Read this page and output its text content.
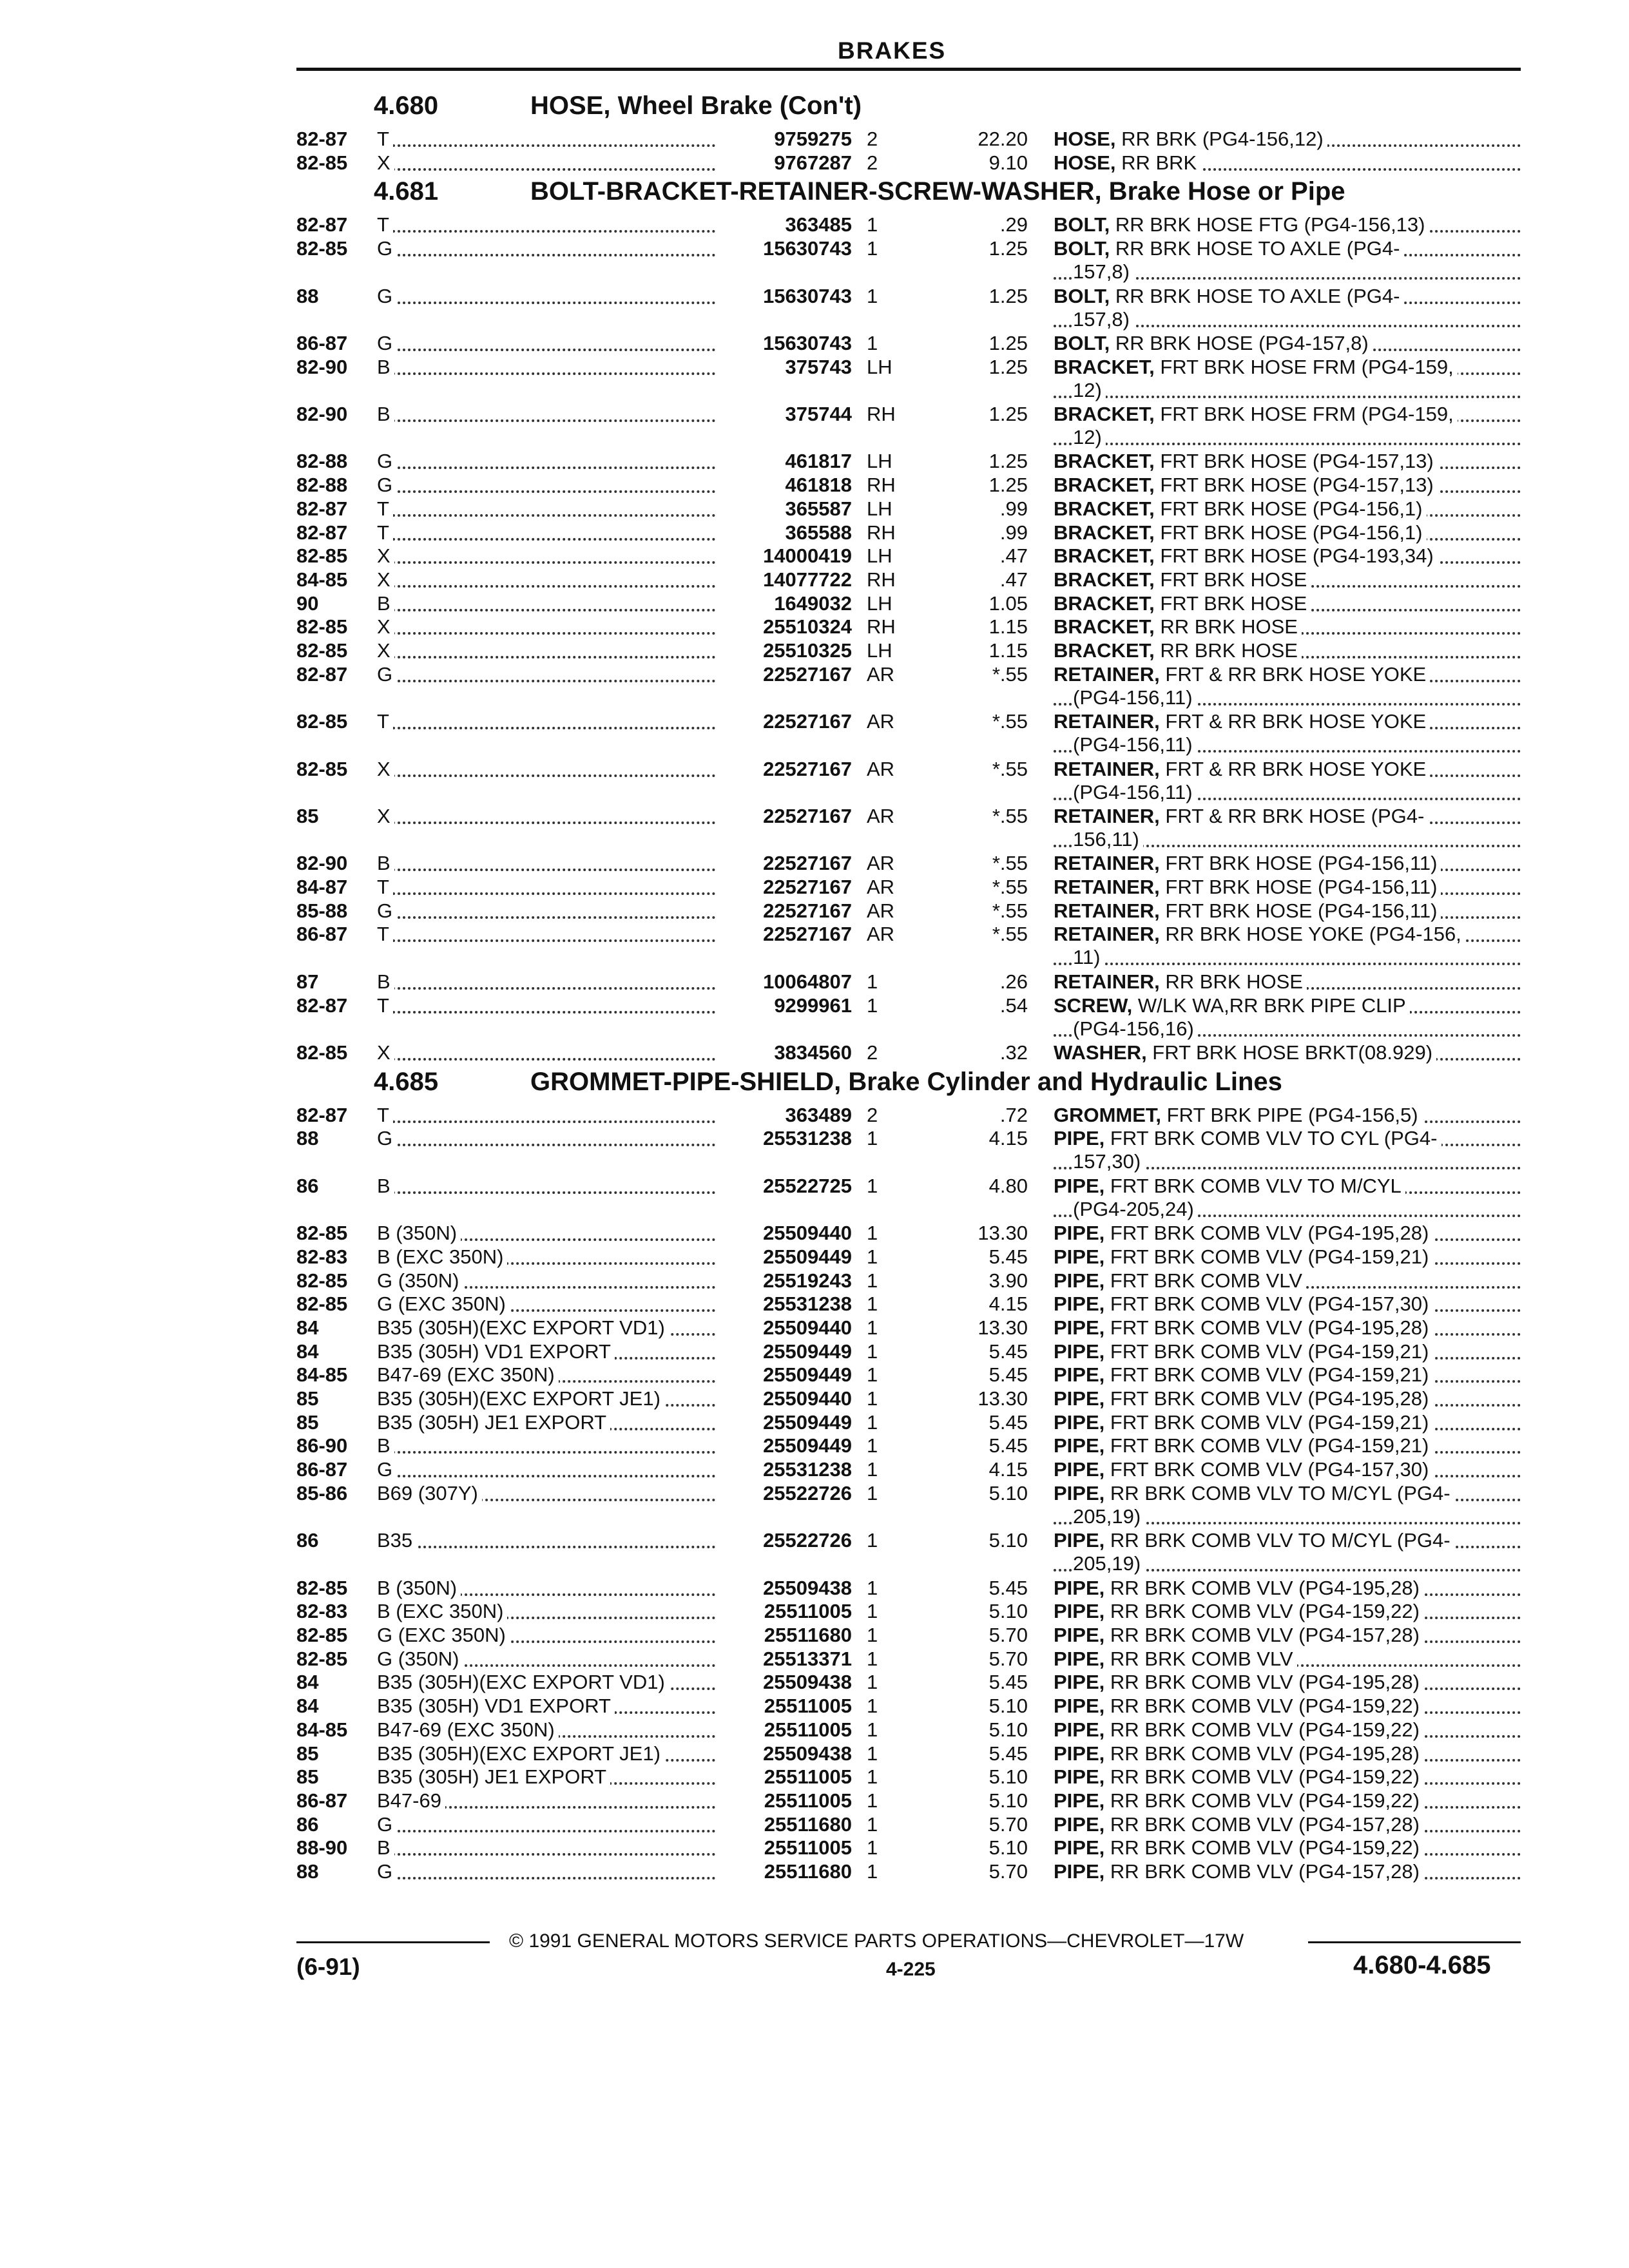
BRAKES
4.680	HOSE, Wheel Brake (Con't)
82-87 T	9759275 2	22.20 HOSE, RR BRK (PG4-156,12)
82-85 X	9767287 2	9.10 HOSE, RR BRK
4.681	BOLT-BRACKET-RETAINER-SCREW-WASHER, Brake Hose or Pipe
82-87 T	363485 1	.29 BOLT, RR BRK HOSE FTG (PG4-156,13)
82-85 G	15630743 1	1.25 BOLT, RR BRK HOSE TO AXLE (PG4-
157,8)
88	G	15630743 1	1.25 BOLT, RR BRK HOSE TO AXLE (PG4-
157,8)
86-87 G	15630743 1	1.25 BOLT, RR BRK HOSE (PG4-157,8)
82-90 B	375743 LH	1.25 BRACKET, FRT BRK HOSE FRM (PG4-159,
12)
82-90 B	375744 RH	1.25 BRACKET, FRT BRK HOSE FRM (PG4-159,
12)
82-88 G	461817 LH	1.25 BRACKET, FRT BRK HOSE (PG4-157,13)
82-88 G	461818 RH	1.25 BRACKET, FRT BRK HOSE (PG4-157,13)
82-87 T	365587 LH	.99 BRACKET, FRT BRK HOSE (PG4-156,1)
82-87 T	365588 RH	.99 BRACKET, FRT BRK HOSE (PG4-156,1)
82-85 X	14000419 LH	.47 BRACKET, FRT BRK HOSE (PG4-193,34)
84-85 X	14077722 RH	.47 BRACKET, FRT BRK HOSE
90	B	1649032 LH	1.05 BRACKET, FRT BRK HOSE
82-85 X	25510324 RH	1.15 BRACKET, RR BRK HOSE
82-85 X	25510325 LH	1.15 BRACKET, RR BRK HOSE
82-87 G	22527167 AR	*.55 RETAINER, FRT & RR BRK HOSE YOKE
(PG4-156,11)
82-85 T	22527167 AR	*.55 RETAINER, FRT & RR BRK HOSE YOKE
(PG4-156,11)
82-85 X	22527167 AR	*.55 RETAINER, FRT & RR BRK HOSE YOKE
(PG4-156,11)
85	X	22527167 AR	*.55 RETAINER, FRT & RR BRK HOSE (PG4-
156,11)
82-90 B	22527167 AR	*.55 RETAINER, FRT BRK HOSE (PG4-156,11)
84-87 T	22527167 AR	*.55 RETAINER, FRT BRK HOSE (PG4-156,11)
85-88 G	22527167 AR	*.55 RETAINER, FRT BRK HOSE (PG4-156,11)
86-87 T	22527167 AR	*.55 RETAINER, RR BRK HOSE YOKE (PG4-156,
11)
87	B	10064807 1	.26 RETAINER, RR BRK HOSE
82-87 T	9299961 1	.54 SCREW, W/LK WA,RR BRK PIPE CLIP
(PG4-156,16)
82-85 X	3834560 2	.32 WASHER, FRT BRK HOSE BRKT(08.929)
4.685	GROMMET-PIPE-SHIELD, Brake Cylinder and Hydraulic Lines
82-87 T	363489 2	.72 GROMMET, FRT BRK PIPE (PG4-156,5)
88	G	25531238 1	4.15 PIPE, FRT BRK COMB VLV TO CYL (PG4-
157,30)
86	B	25522725 1	4.80 PIPE, FRT BRK COMB VLV TO M/CYL
(PG4-205,24)
82-85 B (350N)	25509440 1	13.30 PIPE, FRT BRK COMB VLV (PG4-195,28)
82-83 B (EXC 350N)	25509449 1	5.45 PIPE, FRT BRK COMB VLV (PG4-159,21)
82-85 G (350N)	25519243 1	3.90 PIPE, FRT BRK COMB VLV
82-85 G (EXC 350N)	25531238 1	4.15 PIPE, FRT BRK COMB VLV (PG4-157,30)
84	B35 (305H)(EXC EXPORT VD1)	25509440 1	13.30 PIPE, FRT BRK COMB VLV (PG4-195,28)
84	B35 (305H) VD1 EXPORT	25509449 1	5.45 PIPE, FRT BRK COMB VLV (PG4-159,21)
84-85 B47-69 (EXC 350N)	25509449 1	5.45 PIPE, FRT BRK COMB VLV (PG4-159,21)
85	B35 (305H)(EXC EXPORT JE1)	25509440 1	13.30 PIPE, FRT BRK COMB VLV (PG4-195,28)
85	B35 (305H) JE1 EXPORT	25509449 1	5.45 PIPE, FRT BRK COMB VLV (PG4-159,21)
86-90 B	25509449 1	5.45 PIPE, FRT BRK COMB VLV (PG4-159,21)
86-87 G	25531238 1	4.15 PIPE, FRT BRK COMB VLV (PG4-157,30)
85-86 B69 (307Y)	25522726 1	5.10 PIPE, RR BRK COMB VLV TO M/CYL (PG4-
205,19)
86	B35	25522726 1	5.10 PIPE, RR BRK COMB VLV TO M/CYL (PG4-
205,19)
82-85 B (350N)	25509438 1	5.45 PIPE, RR BRK COMB VLV (PG4-195,28)
82-83 B (EXC 350N)	25511005 1	5.10 PIPE, RR BRK COMB VLV (PG4-159,22)
82-85 G (EXC 350N)	25511680 1	5.70 PIPE, RR BRK COMB VLV (PG4-157,28)
82-85 G (350N)	25513371 1	5.70 PIPE, RR BRK COMB VLV
84	B35 (305H)(EXC EXPORT VD1)	25509438 1	5.45 PIPE, RR BRK COMB VLV (PG4-195,28)
84	B35 (305H) VD1 EXPORT	25511005 1	5.10 PIPE, RR BRK COMB VLV (PG4-159,22)
84-85 B47-69 (EXC 350N)	25511005 1	5.10 PIPE, RR BRK COMB VLV (PG4-159,22)
85	B35 (305H)(EXC EXPORT JE1)	25509438 1	5.45 PIPE, RR BRK COMB VLV (PG4-195,28)
85	B35 (305H) JE1 EXPORT	25511005 1	5.10 PIPE, RR BRK COMB VLV (PG4-159,22)
86-87 B47-69	25511005 1	5.10 PIPE, RR BRK COMB VLV (PG4-159,22)
86	G	25511680 1	5.70 PIPE, RR BRK COMB VLV (PG4-157,28)
88-90 B	25511005 1	5.10 PIPE, RR BRK COMB VLV (PG4-159,22)
88	G	25511680 1	5.70 PIPE, RR BRK COMB VLV (PG4-157,28)
© 1991 GENERAL MOTORS SERVICE PARTS OPERATIONS—CHEVROLET—17W
(6-91)	4-225	4.680-4.685
